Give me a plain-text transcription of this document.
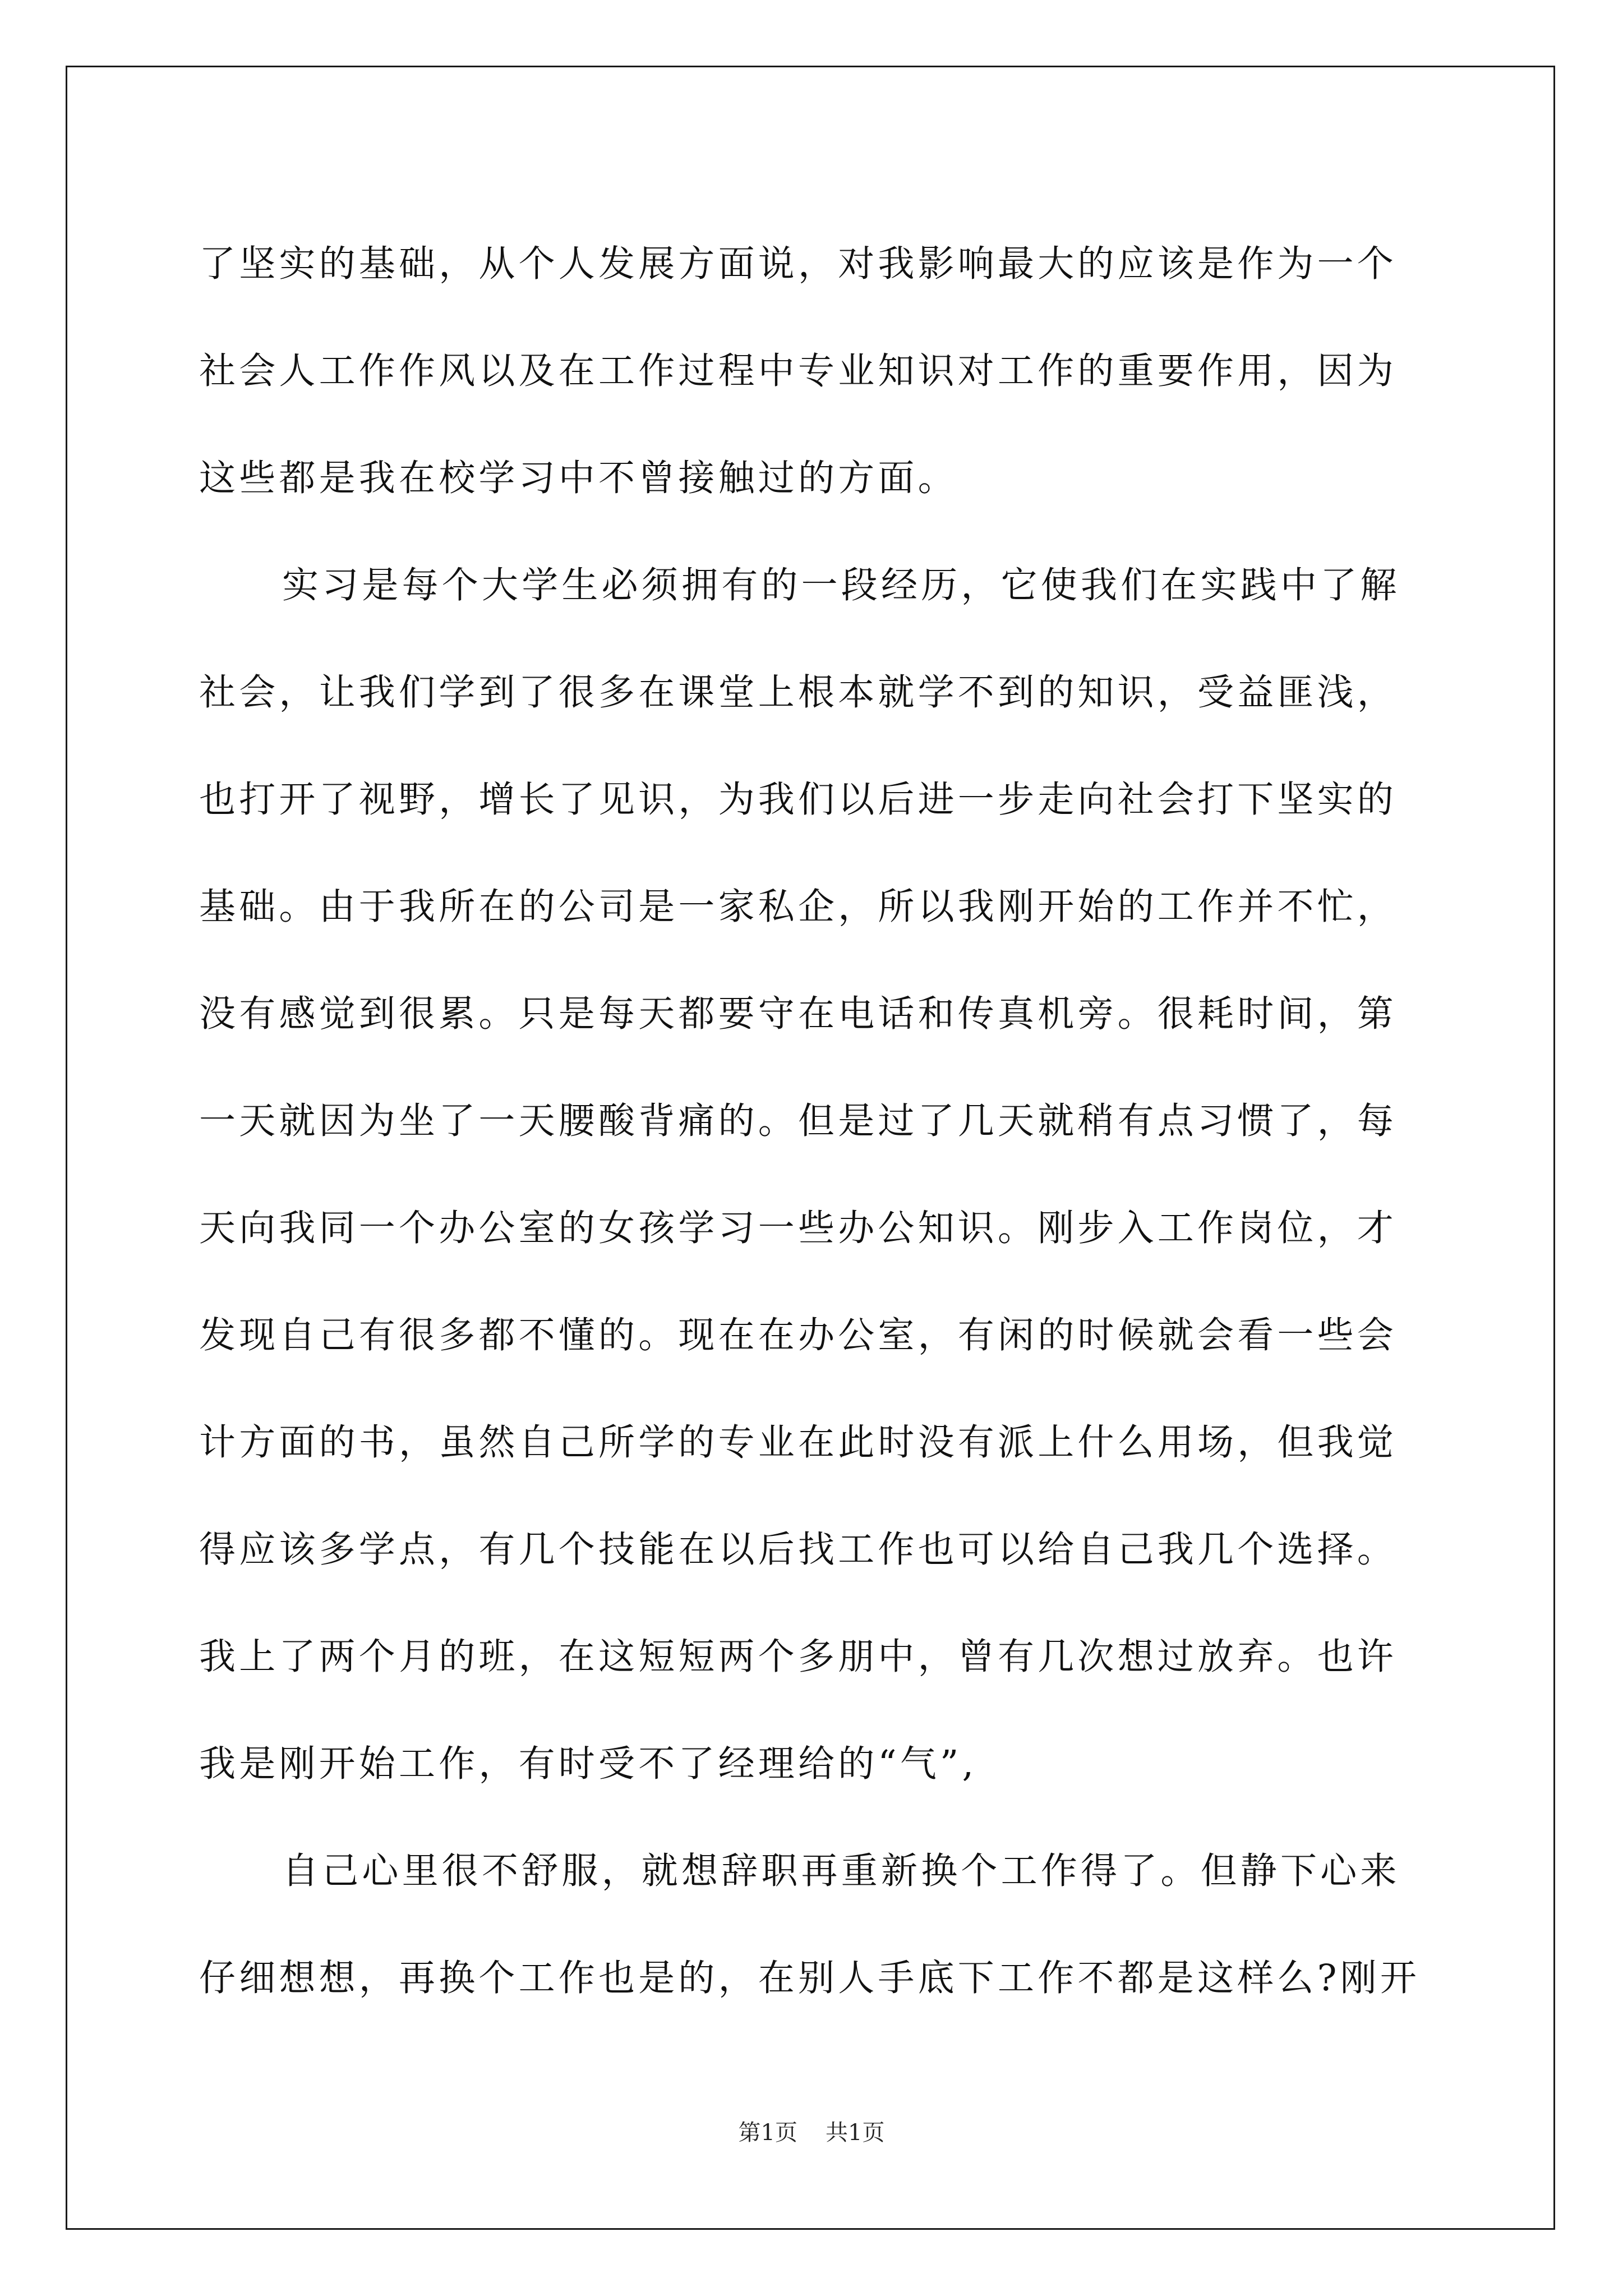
了坚实的基础，从个人发展方面说，对我影响最大的应该是作为一个
社会人工作作风以及在工作过程中专业知识对工作的重要作用，因为
这些都是我在校学习中不曾接触过的方面。
实习是每个大学生必须拥有的一段经历，它使我们在实践中了解
社会，让我们学到了很多在课堂上根本就学不到的知识，受益匪浅，
也打开了视野，增长了见识，为我们以后进一步走向社会打下坚实的
基础。由于我所在的公司是一家私企，所以我刚开始的工作并不忙，
没有感觉到很累。只是每天都要守在电话和传真机旁。很耗时间，第
一天就因为坐了一天腰酸背痛的。但是过了几天就稍有点习惯了，每
天向我同一个办公室的女孩学习一些办公知识。刚步入工作岗位，才
发现自己有很多都不懂的。现在在办公室，有闲的时候就会看一些会
计方面的书，虽然自己所学的专业在此时没有派上什么用场，但我觉
得应该多学点，有几个技能在以后找工作也可以给自己我几个选择。
我上了两个月的班，在这短短两个多朋中，曾有几次想过放弃。也许
我是刚开始工作，有时受不了经理给的“气”,
自己心里很不舒服，就想辞职再重新换个工作得了。但静下心来
仔细想想，再换个工作也是的，在别人手底下工作不都是这样么?刚开
第1页 共1页
